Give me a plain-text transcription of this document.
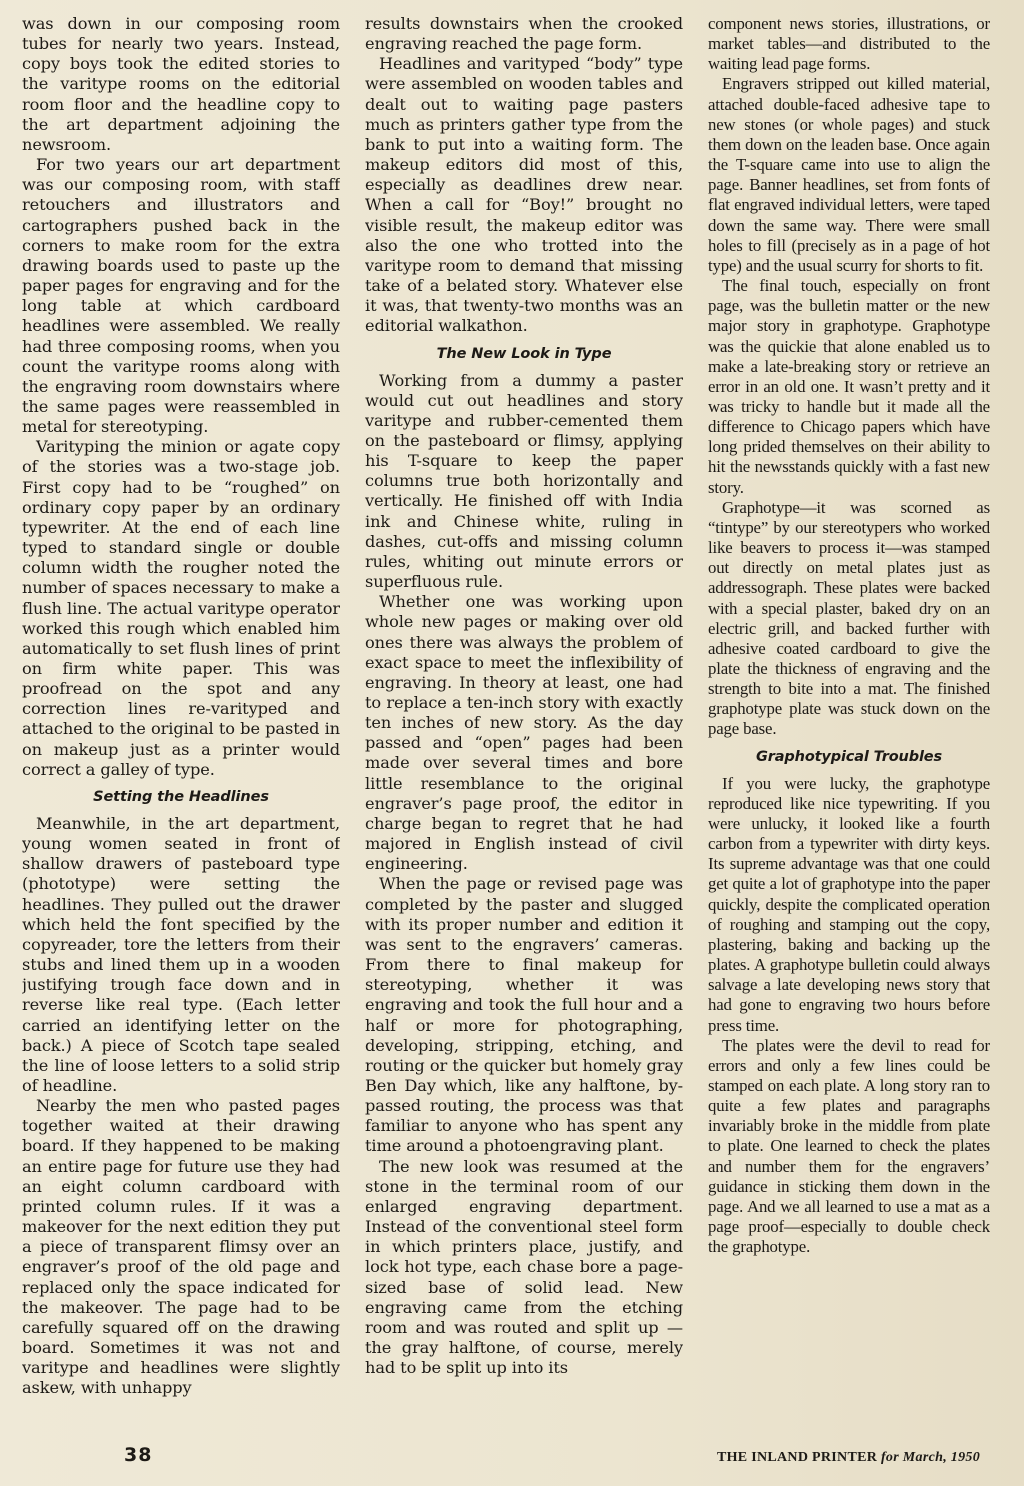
was down in our composing room tubes for nearly two years. Instead, copy boys took the edited stories to the varitype rooms on the editorial room floor and the headline copy to the art department adjoining the newsroom.

For two years our art department was our composing room, with staff retouchers and illustrators and cartographers pushed back in the corners to make room for the extra drawing boards used to paste up the paper pages for engraving and for the long table at which cardboard headlines were assembled. We really had three composing rooms, when you count the varitype rooms along with the engraving room downstairs where the same pages were reassembled in metal for stereotyping.

Varityping the minion or agate copy of the stories was a two-stage job. First copy had to be “roughed” on ordinary copy paper by an ordinary typewriter. At the end of each line typed to standard single or double column width the rougher noted the number of spaces necessary to make a flush line. The actual varitype operator worked this rough which enabled him automatically to set flush lines of print on firm white paper. This was proofread on the spot and any correction lines re-varityped and attached to the original to be pasted in on makeup just as a printer would correct a galley of type.

Setting the Headlines

Meanwhile, in the art department, young women seated in front of shallow drawers of pasteboard type (phototype) were setting the headlines. They pulled out the drawer which held the font specified by the copyreader, tore the letters from their stubs and lined them up in a wooden justifying trough face down and in reverse like real type. (Each letter carried an identifying letter on the back.) A piece of Scotch tape sealed the line of loose letters to a solid strip of headline.

Nearby the men who pasted pages together waited at their drawing board. If they happened to be making an entire page for future use they had an eight column cardboard with printed column rules. If it was a makeover for the next edition they put a piece of transparent flimsy over an engraver’s proof of the old page and replaced only the space indicated for the makeover. The page had to be carefully squared off on the drawing board. Sometimes it was not and varitype and headlines were slightly askew, with unhappy

results downstairs when the crooked engraving reached the page form.

Headlines and varityped “body” type were assembled on wooden tables and dealt out to waiting page pasters much as printers gather type from the bank to put into a waiting form. The makeup editors did most of this, especially as deadlines drew near. When a call for “Boy!” brought no visible result, the makeup editor was also the one who trotted into the varitype room to demand that missing take of a belated story. Whatever else it was, that twenty-two months was an editorial walkathon.

The New Look in Type

Working from a dummy a paster would cut out headlines and story varitype and rubber-cemented them on the pasteboard or flimsy, applying his T-square to keep the paper columns true both horizontally and vertically. He finished off with India ink and Chinese white, ruling in dashes, cut-offs and missing column rules, whiting out minute errors or superfluous rule.

Whether one was working upon whole new pages or making over old ones there was always the problem of exact space to meet the inflexibility of engraving. In theory at least, one had to replace a ten-inch story with exactly ten inches of new story. As the day passed and “open” pages had been made over several times and bore little resemblance to the original engraver’s page proof, the editor in charge began to regret that he had majored in English instead of civil engineering.

When the page or revised page was completed by the paster and slugged with its proper number and edition it was sent to the engravers’ cameras. From there to final makeup for stereotyping, whether it was engraving and took the full hour and a half or more for photographing, developing, stripping, etching, and routing or the quicker but homely gray Ben Day which, like any halftone, by-passed routing, the process was that familiar to anyone who has spent any time around a photoengraving plant.

The new look was resumed at the stone in the terminal room of our enlarged engraving department. Instead of the conventional steel form in which printers place, justify, and lock hot type, each chase bore a page-sized base of solid lead. New engraving came from the etching room and was routed and split up —the gray halftone, of course, merely had to be split up into its

component news stories, illustrations, or market tables—and distributed to the waiting lead page forms.

Engravers stripped out killed material, attached double-faced adhesive tape to new stones (or whole pages) and stuck them down on the leaden base. Once again the T-square came into use to align the page. Banner headlines, set from fonts of flat engraved individual letters, were taped down the same way. There were small holes to fill (precisely as in a page of hot type) and the usual scurry for shorts to fit.

The final touch, especially on front page, was the bulletin matter or the new major story in graphotype. Graphotype was the quickie that alone enabled us to make a late-breaking story or retrieve an error in an old one. It wasn’t pretty and it was tricky to handle but it made all the difference to Chicago papers which have long prided themselves on their ability to hit the newsstands quickly with a fast new story.

Graphotype—it was scorned as “tintype” by our stereotypers who worked like beavers to process it—was stamped out directly on metal plates just as addressograph. These plates were backed with a special plaster, baked dry on an electric grill, and backed further with adhesive coated cardboard to give the plate the thickness of engraving and the strength to bite into a mat. The finished graphotype plate was stuck down on the page base.

Graphotypical Troubles

If you were lucky, the graphotype reproduced like nice typewriting. If you were unlucky, it looked like a fourth carbon from a typewriter with dirty keys. Its supreme advantage was that one could get quite a lot of graphotype into the paper quickly, despite the complicated operation of roughing and stamping out the copy, plastering, baking and backing up the plates. A graphotype bulletin could always salvage a late developing news story that had gone to engraving two hours before press time.

The plates were the devil to read for errors and only a few lines could be stamped on each plate. A long story ran to quite a few plates and paragraphs invariably broke in the middle from plate to plate. One learned to check the plates and number them for the engravers’ guidance in sticking them down in the page. And we all learned to use a mat as a page proof—especially to double check the graphotype.

38	THE INLAND PRINTER for March, 1950
